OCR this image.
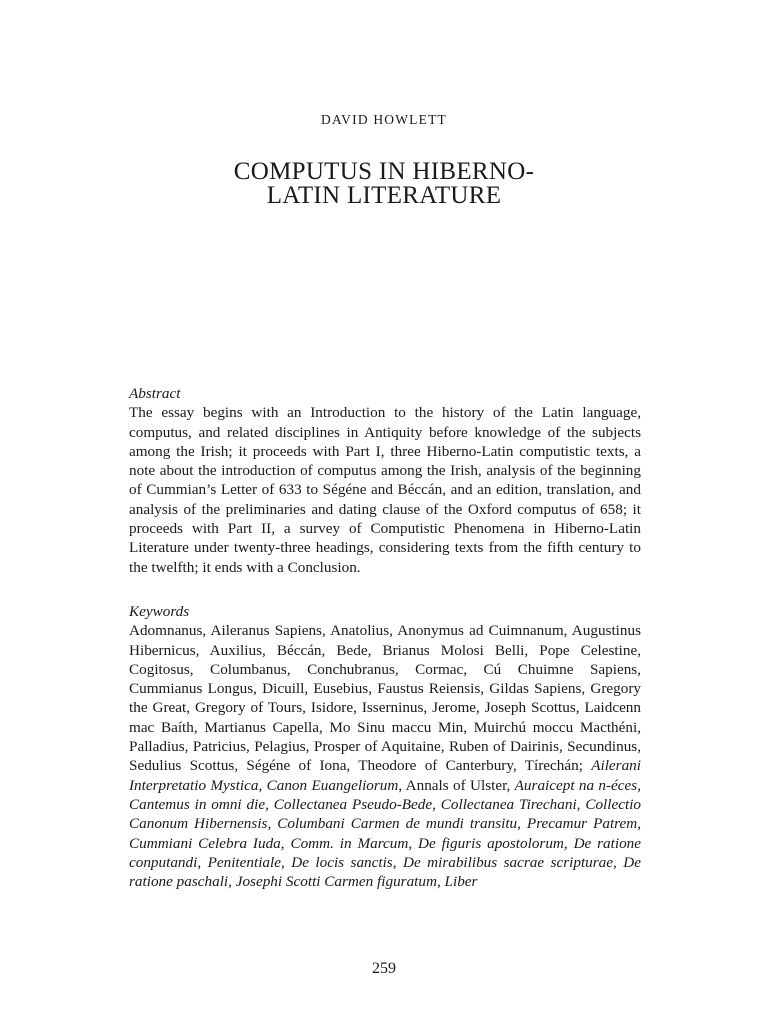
DAVID HOWLETT
COMPUTUS IN HIBERNO-
LATIN LITERATURE

Abstract

The essay begins with an Introduction to the history of the Latin language, computus, and related disciplines in Antiquity before knowledge of the subjects among the Irish; it proceeds with Part I, three Hiberno-Latin computistic texts, a note about the introduction of computus among the Irish, analysis of the beginning of Cummian’s Letter of 633 to Ségéne and Béccán, and an edition, translation, and analysis of the preliminaries and dating clause of the Oxford computus of 658; it proceeds with Part II, a survey of Computistic Phenomena in Hiberno-Latin Literature under twenty-three headings, considering texts from the fifth century to the twelfth; it ends with a Conclusion.

Keywords

Adomnanus, Aileranus Sapiens, Anatolius, Anonymus ad Cuimnanum, Augustinus Hibernicus, Auxilius, Béccán, Bede, Brianus Molosi Belli, Pope Celestine, Cogitosus, Columbanus, Conchubranus, Cormac, Cú Chuimne Sapiens, Cummianus Longus, Dicuill, Eusebius, Faustus Reiensis, Gildas Sapiens, Gregory the Great, Gregory of Tours, Isidore, Isserninus, Jerome, Joseph Scottus, Laidcenn mac Baíth, Martianus Capella, Mo Sinu maccu Min, Muirchú moccu Macthéni, Palladius, Patricius, Pelagius, Prosper of Aquitaine, Ruben of Dairinis, Secundinus, Sedulius Scottus, Ségéne of Iona, Theodore of Canterbury, Tírechán; Ailerani Interpretatio Mystica, Canon Euangeliorum, Annals of Ulster, Auraicept na n-éces, Cantemus in omni die, Collectanea Pseudo-Bede, Collectanea Tirechani, Collectio Canonum Hibernensis, Columbani Carmen de mundi transitu, Precamur Patrem, Cummiani Celebra Iuda, Comm. in Marcum, De figuris apostolorum, De ratione conputandi, Penitentiale, De locis sanctis, De mirabilibus sacrae scripturae, De ratione paschali, Josephi Scotti Carmen figuratum, Liber

259
